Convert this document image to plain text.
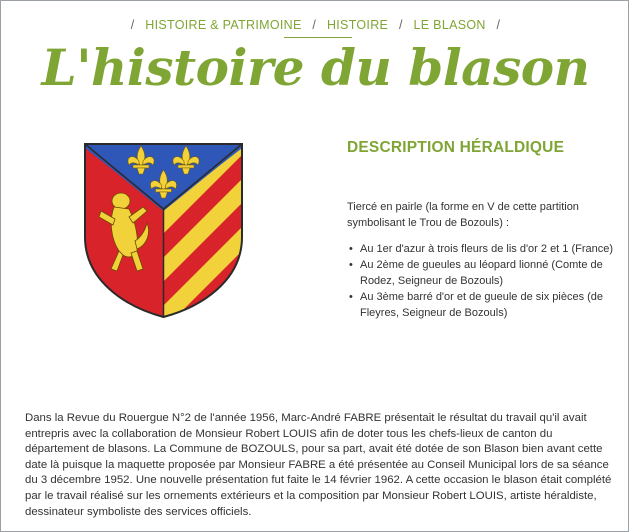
/ HISTOIRE & PATRIMOINE / HISTOIRE / LE BLASON /
L'histoire du blason
DESCRIPTION HÉRALDIQUE

Tiercé en pairle (la forme en V de cette partition symbolisant le Trou de Bozouls) :

• Au 1er d'azur à trois fleurs de lis d'or 2 et 1 (France)
• Au 2ème de gueules au léopard lionné (Comte de Rodez, Seigneur de Bozouls)
• Au 3ème barré d'or et de gueule de six pièces (de Fleyres, Seigneur de Bozouls)

Dans la Revue du Rouergue N°2 de l'année 1956, Marc-André FABRE présentait le résultat du travail qu'il avait entrepris avec la collaboration de Monsieur Robert LOUIS afin de doter tous les chefs-lieux de canton du département de blasons. La Commune de BOZOULS, pour sa part, avait été dotée de son Blason bien avant cette date là puisque la maquette proposée par Monsieur FABRE a été présentée au Conseil Municipal lors de sa séance du 3 décembre 1952. Une nouvelle présentation fut faite le 14 février 1962. A cette occasion le blason était complété par le travail réalisé sur les ornements extérieurs et la composition par Monsieur Robert LOUIS, artiste héraldiste, dessinateur symboliste des services officiels.
